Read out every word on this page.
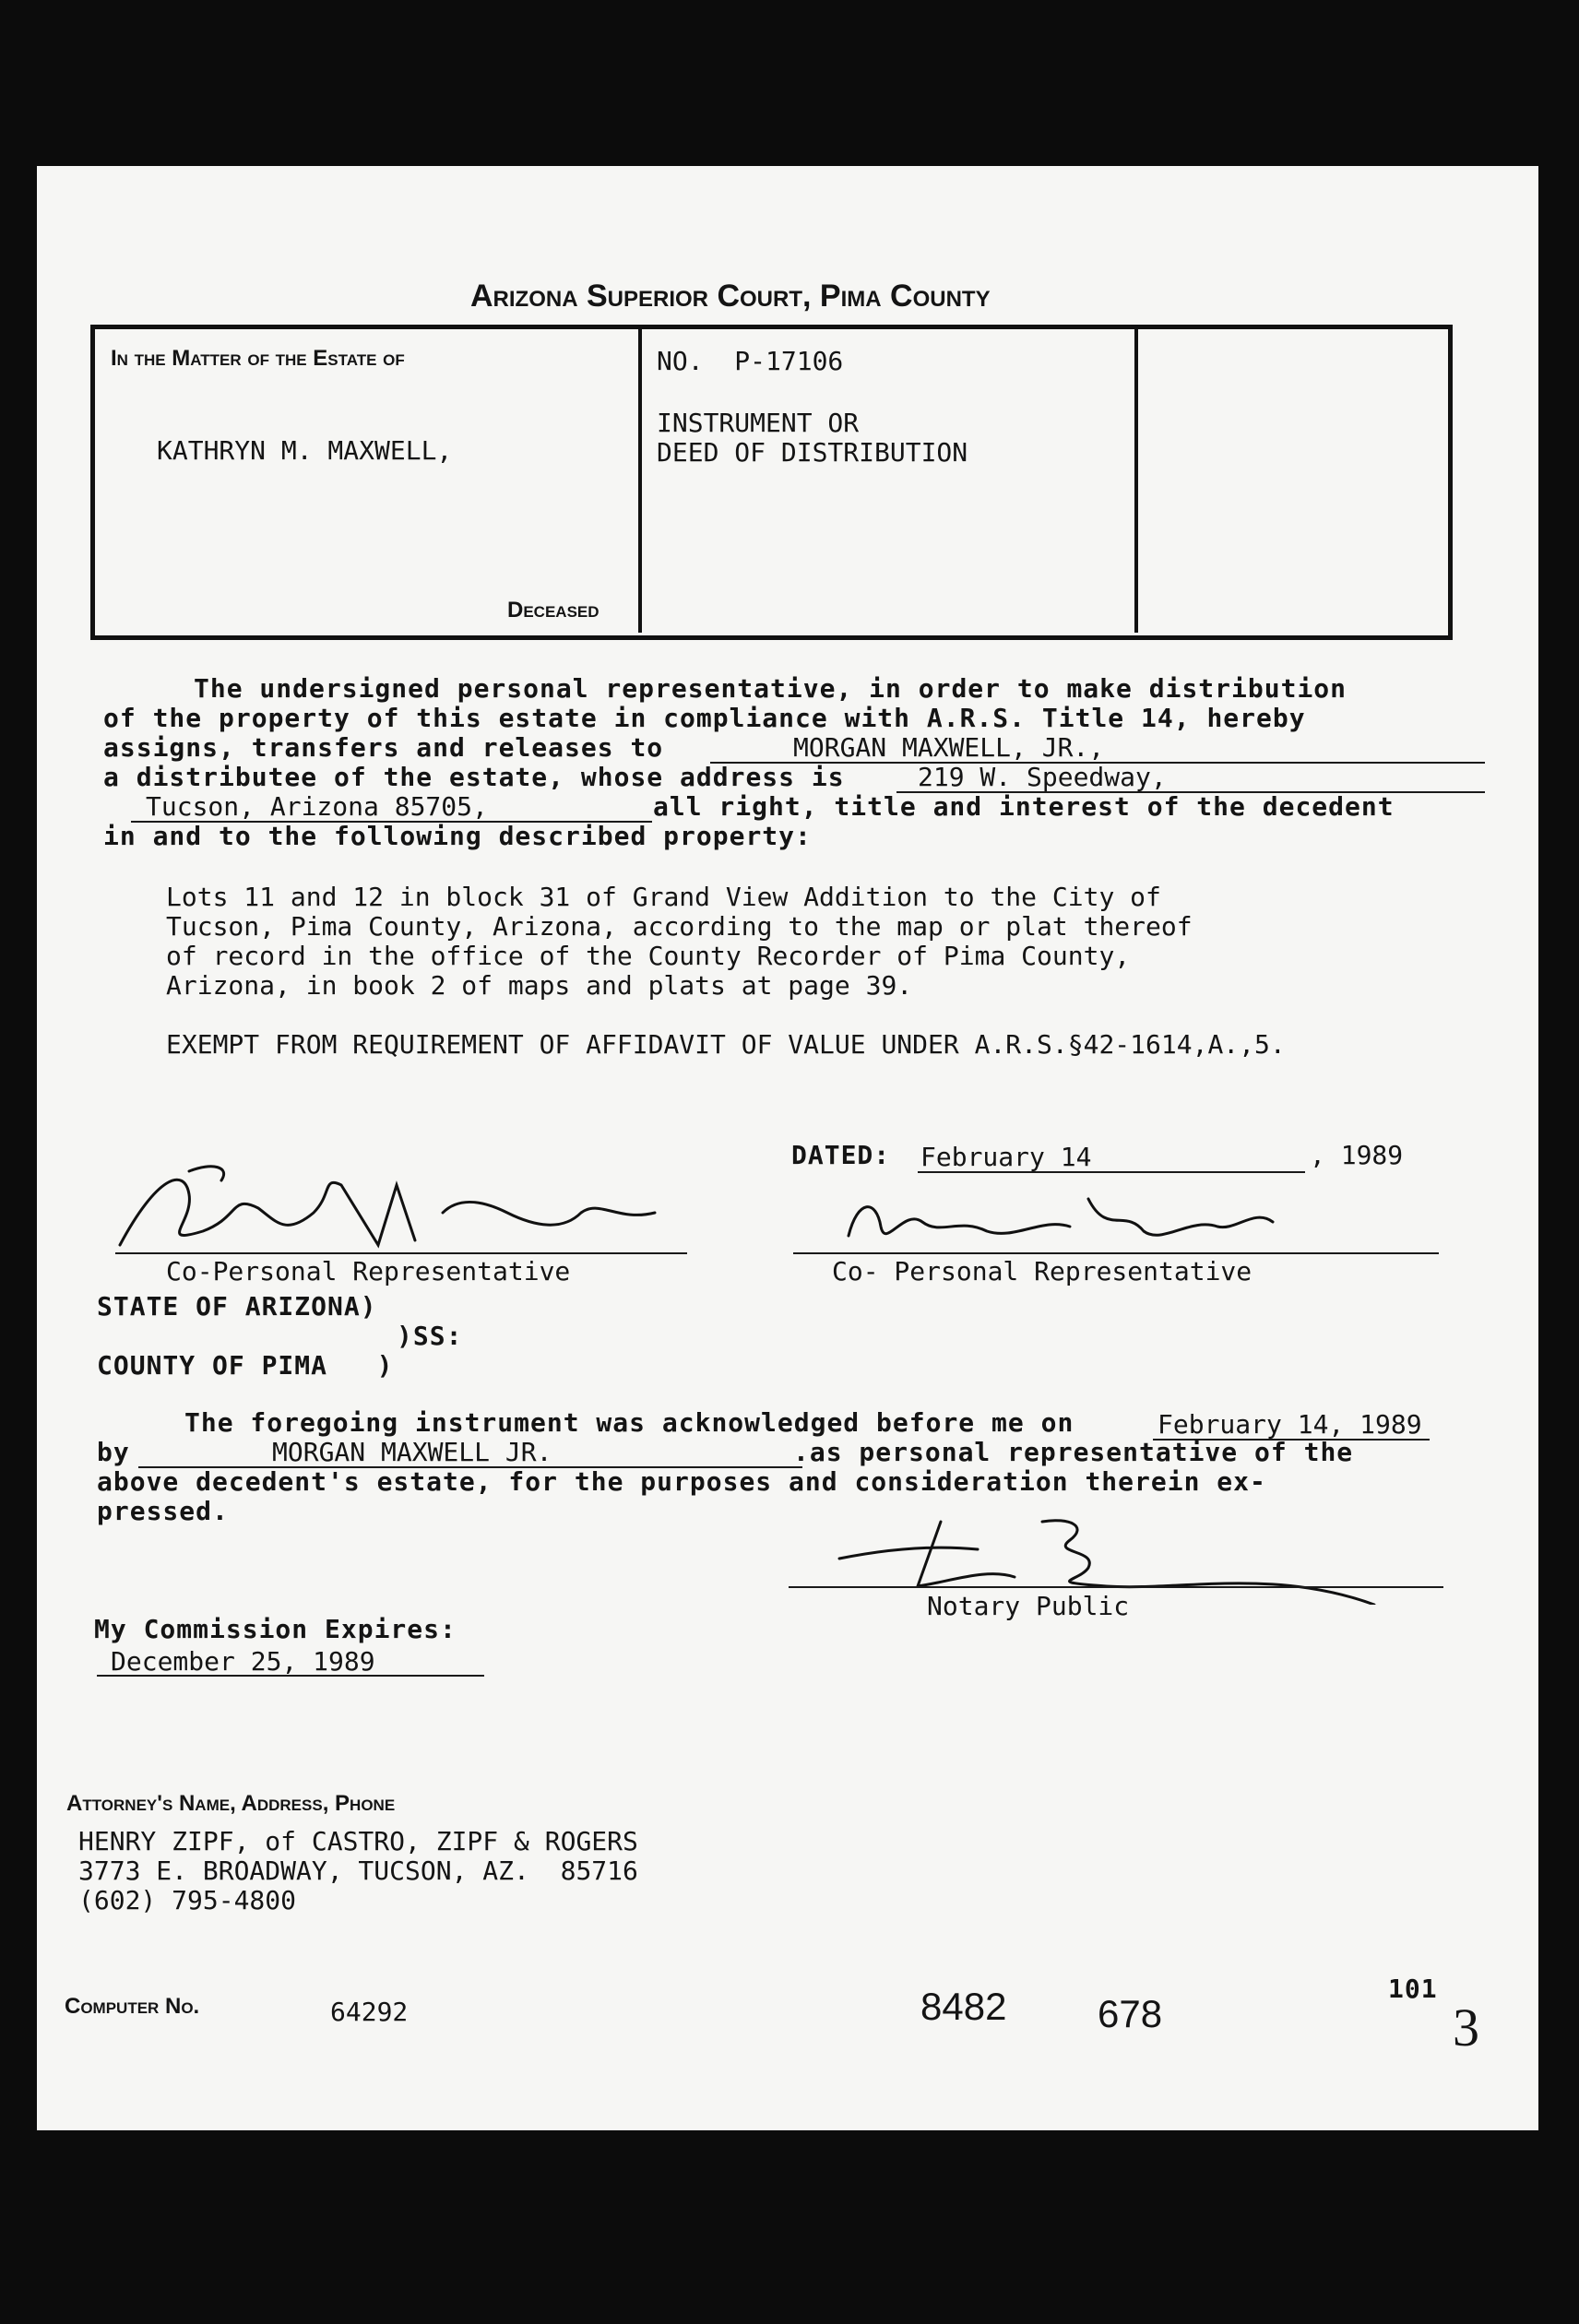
Arizona Superior Court, Pima County
In the Matter of the Estate of
KATHRYN M. MAXWELL,
Deceased
NO.  P-17106
INSTRUMENT OR
DEED OF DISTRIBUTION
The undersigned personal representative, in order to make distribution
of the property of this estate in compliance with A.R.S. Title 14, hereby
assigns, transfers and releases to	MORGAN MAXWELL, JR.,
a distributee of the estate, whose address is	219 W. Speedway,
Tucson, Arizona 85705,	all right, title and interest of the decedent
in and to the following described property:
Lots 11 and 12 in block 31 of Grand View Addition to the City of
Tucson, Pima County, Arizona, according to the map or plat thereof
of record in the office of the County Recorder of Pima County,
Arizona, in book 2 of maps and plats at page 39.
EXEMPT FROM REQUIREMENT OF AFFIDAVIT OF VALUE UNDER A.R.S.§42-1614,A.,5.
DATED: February 14	, 1989
Co-Personal Representative	Co- Personal Representative
STATE OF ARIZONA)
)SS:
COUNTY OF PIMA   )
The foregoing instrument was acknowledged before me on	February 14, 1989
by	MORGAN MAXWELL JR.	.as personal representative of the
above decedent's estate, for the purposes and consideration therein ex-
pressed.
Notary Public
My Commission Expires:
December 25, 1989
Attorney's Name, Address, Phone
HENRY ZIPF, of CASTRO, ZIPF & ROGERS
3773 E. BROADWAY, TUCSON, AZ.  85716
(602) 795-4800
Computer No.	64292	8482 678
101
3
